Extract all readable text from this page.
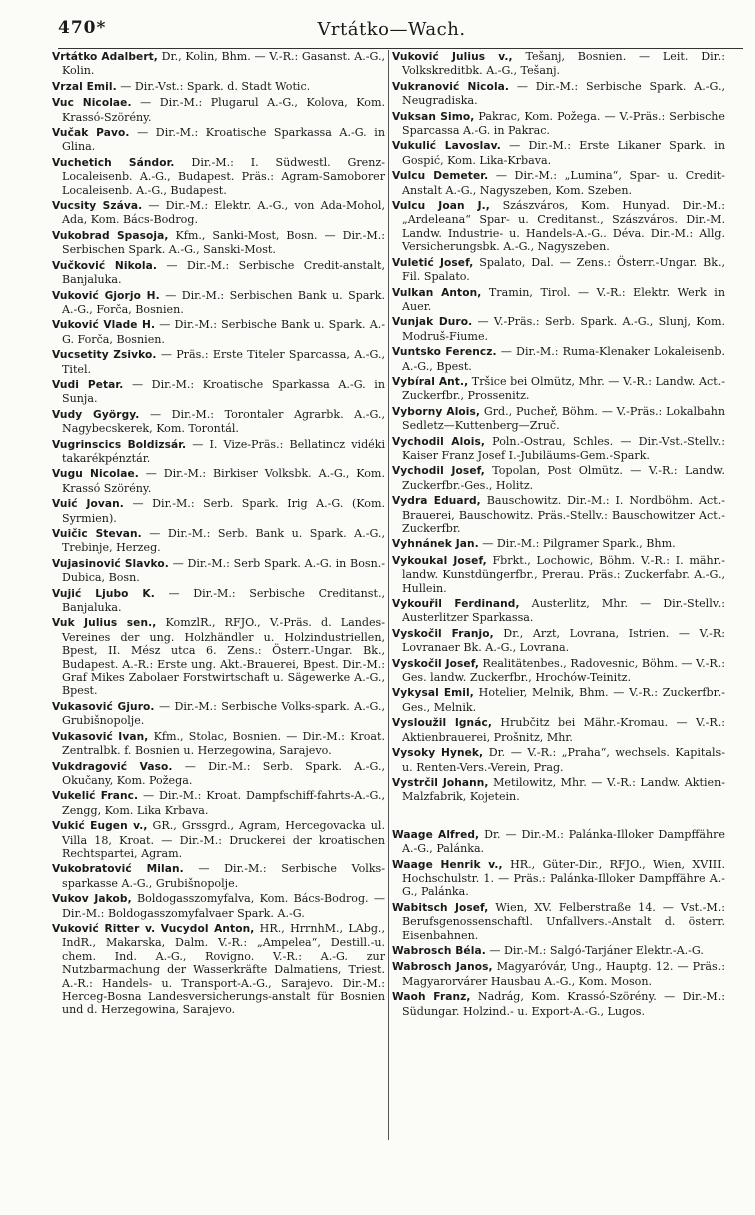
470*	Vrtátko—Wach.

Vrtátko Adalbert, Dr., Kolin, Bhm. — V.-R.: Gasanst. A.-G., Kolin.

Vrzal Emil. — Dir.-Vst.: Spark. d. Stadt Wotic.

Vuc Nicolae. — Dir.-M.: Plugarul A.-G., Kolova, Kom. Krassó-Szörény.

Vučak Pavo. — Dir.-M.: Kroatische Sparkassa A.-G. in Glina.

Vuchetich Sándor. Dir.-M.: I. Südwestl. Grenz-Localeisenb. A.-G., Budapest. Präs.: Agram-Samoborer Localeisenb. A.-G., Budapest.

Vucsity Száva. — Dir.-M.: Elektr. A.-G., von Ada-Mohol, Ada, Kom. Bács-Bodrog.

Vukobrad Spasoja, Kfm., Sanki-Most, Bosn. — Dir.-M.: Serbischen Spark. A.-G., Sanski-Most.

Vučković Nikola. — Dir.-M.: Serbische Credit-anstalt, Banjaluka.

Vuković Gjorjo H. — Dir.-M.: Serbischen Bank u. Spark. A.-G., Forča, Bosnien.

Vuković Vlade H. — Dir.-M.: Serbische Bank u. Spark. A.-G. Forča, Bosnien.

Vucsetity Zsivko. — Präs.: Erste Titeler Sparcassa, A.-G., Titel.

Vudi Petar. — Dir.-M.: Kroatische Sparkassa A.-G. in Sunja.

Vudy György. — Dir.-M.: Torontaler Agrarbk. A.-G., Nagybecskerek, Kom. Torontál.

Vugrinscics Boldizsár. — I. Vize-Präs.: Bellatincz vidéki takarékpénztár.

Vugu Nicolae. — Dir.-M.: Birkiser Volksbk. A.-G., Kom. Krassó Szörény.

Vuić Jovan. — Dir.-M.: Serb. Spark. Irig A.-G. (Kom. Syrmien).

Vuičic Stevan. — Dir.-M.: Serb. Bank u. Spark. A.-G., Trebinje, Herzeg.

Vujasinović Slavko. — Dir.-M.: Serb Spark. A.-G. in Bosn.-Dubica, Bosn.

Vujić Ljubo K. — Dir.-M.: Serbische Creditanst., Banjaluka.

Vuk Julius sen., KomzlR., RFJO., V.-Präs. d. Landes-Vereines der ung. Holzhändler u. Holzindustriellen, Bpest, II. Mész utca 6. Zens.: Österr.-Ungar. Bk., Budapest. A.-R.: Erste ung. Akt.-Brauerei, Bpest. Dir.-M.: Graf Mikes Zabolaer Forstwirtschaft u. Sägewerke A.-G., Bpest.

Vukasović Gjuro. — Dir.-M.: Serbische Volks-spark. A.-G., Grubišnopolje.

Vukasović Ivan, Kfm., Stolac, Bosnien. — Dir.-M.: Kroat. Zentralbk. f. Bosnien u. Herzegowina, Sarajevo.

Vukdragović Vaso. — Dir.-M.: Serb. Spark. A.-G., Okučany, Kom. Požega.

Vukelić Franc. — Dir.-M.: Kroat. Dampfschiff-fahrts-A.-G., Zengg, Kom. Lika Krbava.

Vukić Eugen v., GR., Grssgrd., Agram, Hercegovacka ul. Villa 18, Kroat. — Dir.-M.: Druckerei der kroatischen Rechtspartei, Agram.

Vukobratović Milan. — Dir.-M.: Serbische Volks-sparkasse A.-G., Grubišnopolje.

Vukov Jakob, Boldogasszomyfalva, Kom. Bács-Bodrog. — Dir.-M.: Boldogasszomyfalvaer Spark. A.-G.

Vuković Ritter v. Vucydol Anton, HR., HrrnhM., LAbg., IndR., Makarska, Dalm. V.-R.: „Ampelea“, Destill.-u. chem. Ind. A.-G., Rovigno. V.-R.: A.-G. zur Nutzbarmachung der Wasserkräfte Dalmatiens, Triest. A.-R.: Handels- u. Transport-A.-G., Sarajevo. Dir.-M.: Herceg-Bosna Landesversicherungs-anstalt für Bosnien und d. Herzegowina, Sarajevo.

Vuković Julius v., Tešanj, Bosnien. — Leit. Dir.: Volkskreditbk. A.-G., Tešanj.

Vukranović Nicola. — Dir.-M.: Serbische Spark. A.-G., Neugradiska.

Vuksan Simo, Pakrac, Kom. Požega. — V.-Präs.: Serbische Sparcassa A.-G. in Pakrac.

Vukulić Lavoslav. — Dir.-M.: Erste Likaner Spark. in Gospić, Kom. Lika-Krbava.

Vulcu Demeter. — Dir.-M.: „Lumina“, Spar- u. Credit-Anstalt A.-G., Nagyszeben, Kom. Szeben.

Vulcu Joan J., Szászváros, Kom. Hunyad. Dir.-M.: „Ardeleana“ Spar- u. Creditanst., Szászváros. Dir.-M. Landw. Industrie- u. Handels-A.-G.. Déva. Dir.-M.: Allg. Versicherungsbk. A.-G., Nagyszeben.

Vuletić Josef, Spalato, Dal. — Zens.: Österr.-Ungar. Bk., Fil. Spalato.

Vulkan Anton, Tramin, Tirol. — V.-R.: Elektr. Werk in Auer.

Vunjak Duro. — V.-Präs.: Serb. Spark. A.-G., Slunj, Kom. Modruš-Fiume.

Vuntsko Ferencz. — Dir.-M.: Ruma-Klenaker Lokaleisenb. A.-G., Bpest.

Vybíral Ant., Tršice bei Olmütz, Mhr. — V.-R.: Landw. Act.-Zuckerfbr., Prossenitz.

Vyborny Alois, Grd., Pucheř, Böhm. — V.-Präs.: Lokalbahn Sedletz—Kuttenberg—Zruč.

Vychodil Alois, Poln.-Ostrau, Schles. — Dir.-Vst.-Stellv.: Kaiser Franz Josef I.-Jubiläums-Gem.-Spark.

Vychodil Josef, Topolan, Post Olmütz. — V.-R.: Landw. Zuckerfbr.-Ges., Holitz.

Vydra Eduard, Bauschowitz. Dir.-M.: I. Nordböhm. Act.-Brauerei, Bauschowitz. Präs.-Stellv.: Bauschowitzer Act.-Zuckerfbr.

Vyhnánek Jan. — Dir.-M.: Pilgramer Spark., Bhm.

Vykoukal Josef, Fbrkt., Lochowic, Böhm. V.-R.: I. mähr.-landw. Kunstdüngerfbr., Prerau. Präs.: Zuckerfabr. A.-G., Hullein.

Vykouřil Ferdinand, Austerlitz, Mhr. — Dir.-Stellv.: Austerlitzer Sparkassa.

Vyskočil Franjo, Dr., Arzt, Lovrana, Istrien. — V.-R: Lovranaer Bk. A.-G., Lovrana.

Vyskočil Josef, Realitätenbes., Radovesnic, Böhm. — V.-R.: Ges. landw. Zuckerfbr., Hrochów-Teinitz.

Vykysal Emil, Hotelier, Melnik, Bhm. — V.-R.: Zuckerfbr.-Ges., Melnik.

Vysloužil Ignác, Hrubčitz bei Mähr.-Kromau. — V.-R.: Aktienbrauerei, Prošnitz, Mhr.

Vysoky Hynek, Dr. — V.-R.: „Praha“, wechsels. Kapitals- u. Renten-Vers.-Verein, Prag.

Vystrčil Johann, Metilowitz, Mhr. — V.-R.: Landw. Aktien-Malzfabrik, Kojetein.

Waage Alfred, Dr. — Dir.-M.: Palánka-Illoker Dampffähre A.-G., Palánka.

Waage Henrik v., HR., Güter-Dir., RFJO., Wien, XVIII. Hochschulstr. 1. — Präs.: Palánka-Illoker Dampffähre A.-G., Palánka.

Wabitsch Josef, Wien, XV. Felberstraße 14. — Vst.-M.: Berufsgenossenschaftl. Unfallvers.-Anstalt d. österr. Eisenbahnen.

Wabrosch Béla. — Dir.-M.: Salgó-Tarjáner Elektr.-A.-G.

Wabrosch Janos, Magyaróvár, Ung., Hauptg. 12. — Präs.: Magyarorvárer Hausbau A.-G., Kom. Moson.

Waoh Franz, Nadrág, Kom. Krassó-Szörény. — Dir.-M.: Südungar. Holzind.- u. Export-A.-G., Lugos.
